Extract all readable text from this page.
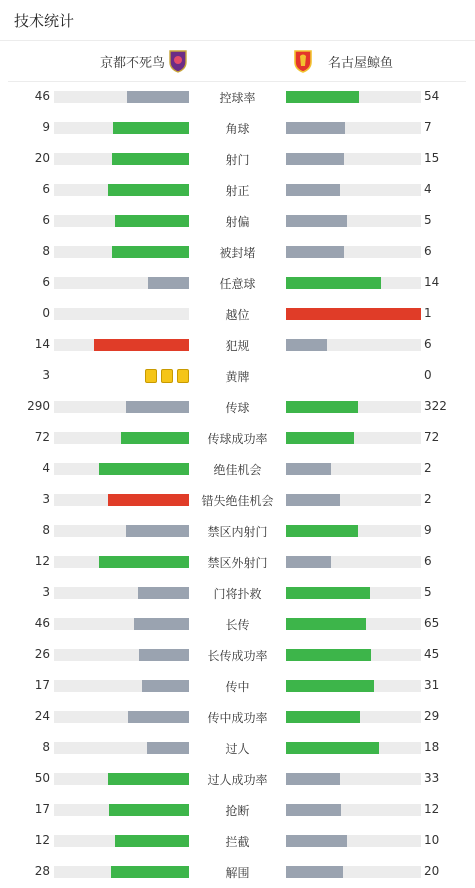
技术统计
京都不死鸟	名古屋鲸鱼
46	控球率	54
9	角球	7
20	射门	15
6	射正	4
6	射偏	5
8	被封堵	6
6	任意球	14
0	越位	1
14	犯规	6
3	黄牌	0
290	传球	322
72	传球成功率	72
4	绝佳机会	2
3	错失绝佳机会	2
8	禁区内射门	9
12	禁区外射门	6
3	门将扑救	5
46	长传	65
26	长传成功率	45
17	传中	31
24	传中成功率	29
8	过人	18
50	过人成功率	33
17	抢断	12
12	拦截	10
28	解围	20
